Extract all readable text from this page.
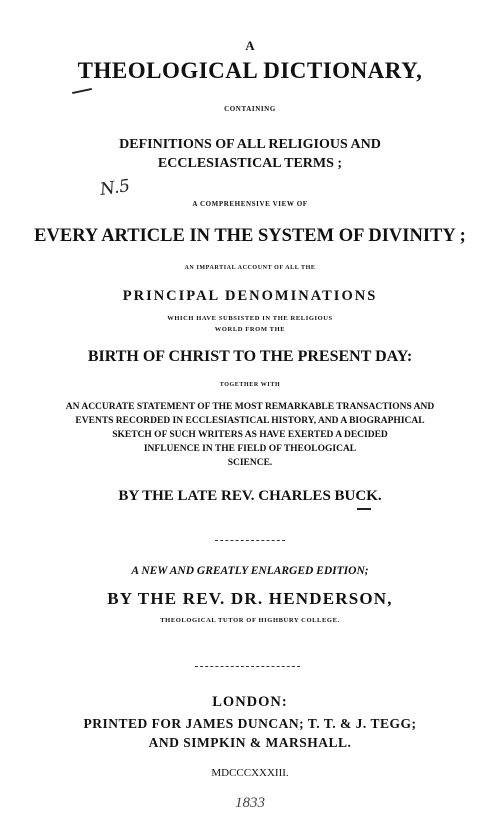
A
THEOLOGICAL DICTIONARY,
CONTAINING
DEFINITIONS OF ALL RELIGIOUS AND
ECCLESIASTICAL TERMS ;
N.5
A COMPREHENSIVE VIEW OF
EVERY ARTICLE IN THE SYSTEM OF DIVINITY ;
AN IMPARTIAL ACCOUNT OF ALL THE
PRINCIPAL DENOMINATIONS
WHICH HAVE SUBSISTED IN THE RELIGIOUS
WORLD FROM THE
BIRTH OF CHRIST TO THE PRESENT DAY:
TOGETHER WITH
AN ACCURATE STATEMENT OF THE MOST REMARKABLE TRANSACTIONS AND
EVENTS RECORDED IN ECCLESIASTICAL HISTORY, AND A BIOGRAPHICAL
SKETCH OF SUCH WRITERS AS HAVE EXERTED A DECIDED
INFLUENCE IN THE FIELD OF THEOLOGICAL
SCIENCE.
BY THE LATE REV. CHARLES BUCK.
A NEW AND GREATLY ENLARGED EDITION;
BY THE REV. DR. HENDERSON,
THEOLOGICAL TUTOR OF HIGHBURY COLLEGE.
LONDON:
PRINTED FOR JAMES DUNCAN; T. T. & J. TEGG;
AND SIMPKIN & MARSHALL.
MDCCCXXXIII.
1833
